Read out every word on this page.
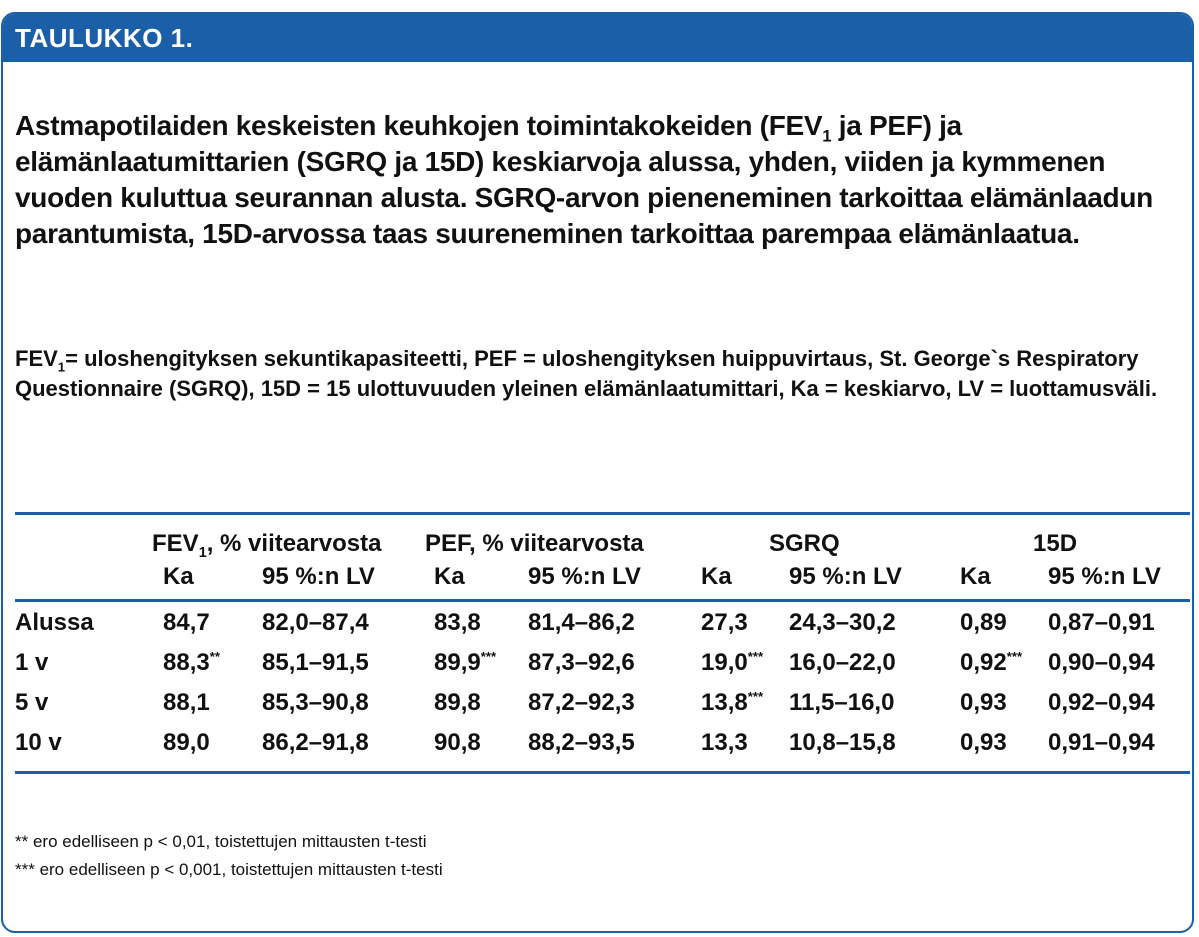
TAULUKKO 1.

Astmapotilaiden keskeisten keuhkojen toimintakokeiden ($FEV_1$ ja PEF) ja elämänlaatumittarien (SGRQ ja 15D) keskiarvoja alussa, yhden, viiden ja kymmenen vuoden kuluttua seurannan alusta. SGRQ-arvon pieneneminen tarkoittaa elämänlaadun parantumista, 15D-arvossa taas suureneminen tarkoittaa parempaa elämänlaatua.

$FEV_1=$ uloshengityksen sekuntikapasiteetti, PEF = uloshengityksen huippuvirtaus, St. George`s Respiratory Questionnaire (SGRQ), 15D = 15 ulottuvuuden yleinen elämänlaatumittari, Ka = keskiarvo, LV = luottamusväli.

$FEV_1$, % viitearvosta PEF, % viitearvosta	SGRQ	15D
Ka	95 %:n LV Ka	95 %:n LV	Ka 95 %:n LV Ka 95 %:n LV
Alussa	84,7 82,0–87,4	83,8 81,4–86,2	27,3 24,3–30,2	0,89 0,87–0,91
1 v	88,3** 85,1–91,5	89,9*** 87,3–92,6	19,0*** 16,0–22,0	0,92*** 0,90–0,94
5 v	88,1 85,3–90,8	89,8 87,2–92,3	13,8*** 11,5–16,0	0,93 0,92–0,94
10 v	89,0 86,2–91,8	90,8 88,2–93,5	13,3 10,8–15,8	0,93 0,91–0,94
** ero edelliseen p < 0,01, toistettujen mittausten t-testi
*** ero edelliseen p < 0,001, toistettujen mittausten t-testi
